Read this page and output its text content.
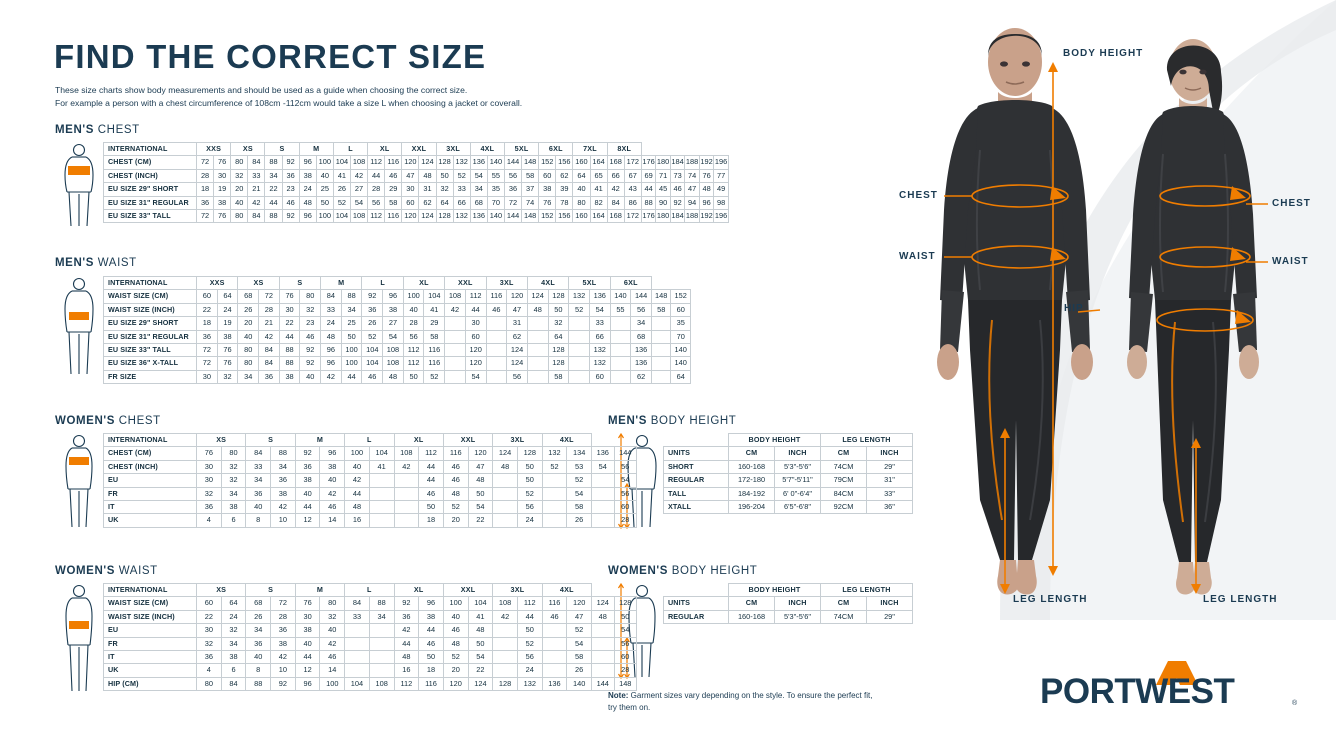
FIND THE CORRECT SIZE
These size charts show body measurements and should be used as a guide when choosing the correct size.
For example a person with a chest circumference of 108cm -112cm would take a size L when choosing a jacket or coverall.
MEN'S CHEST
MEN'S WAIST
WOMEN'S CHEST
WOMEN'S WAIST
MEN'S BODY HEIGHT
WOMEN'S BODY HEIGHT
INTERNATIONAL	XXS		XS		S		M		L		XL		XXL		3XL		4XL		5XL		6XL		7XL		8XL							
CHEST (CM)	72	76	80	84	88	92	96	100	104	108	112	116	120	124	128	132	136	140	144	148	152	156	160	164	168	172	176	180	184	188	192	196
CHEST (INCH)	28	30	32	33	34	36	38	40	41	42	44	46	47	48	50	52	54	55	56	58	60	62	64	65	66	67	69	71	73	74	76	77
EU SIZE 29" SHORT	18	19	20	21	22	23	24	25	26	27	28	29	30	31	32	33	34	35	36	37	38	39	40	41	42	43	44	45	46	47	48	49
EU SIZE 31" REGULAR	36	38	40	42	44	46	48	50	52	54	56	58	60	62	64	66	68	70	72	74	76	78	80	82	84	86	88	90	92	94	96	98
EU SIZE 33" TALL	72	76	80	84	88	92	96	100	104	108	112	116	120	124	128	132	136	140	144	148	152	156	160	164	168	172	176	180	184	188	192	196
INTERNATIONAL	XXS		XS		S		M		L		XL		XXL		3XL		4XL		5XL		6XL			
WAIST SIZE (CM)	60	64	68	72	76	80	84	88	92	96	100	104	108	112	116	120	124	128	132	136	140	144	148	152
WAIST SIZE (INCH)	22	24	26	28	30	32	33	34	36	38	40	41	42	44	46	47	48	50	52	54	55	56	58	60
EU SIZE 29" SHORT	18	19	20	21	22	23	24	25	26	27	28	29		30		31		32		33		34		35
EU SIZE 31" REGULAR	36	38	40	42	44	46	48	50	52	54	56	58		60		62		64		66		68		70
EU SIZE 33" TALL	72	76	80	84	88	92	96	100	104	108	112	116		120		124		128		132		136		140
EU SIZE 36" X-TALL	72	76	80	84	88	92	96	100	104	108	112	116		120		124		128		132		136		140
FR SIZE	30	32	34	36	38	40	42	44	46	48	50	52		54		56		58		60		62		64
INTERNATIONAL	XS		S		M		L		XL		XXL		3XL		4XL			
CHEST (CM)	76	80	84	88	92	96	100	104	108	112	116	120	124	128	132	134	136	144
CHEST (INCH)	30	32	33	34	36	38	40	41	42	44	46	47	48	50	52	53	54	56
EU	30	32	34	36	38	40	42			44	46	48		50		52		54
FR	32	34	36	38	40	42	44			46	48	50		52		54		56
IT	36	38	40	42	44	46	48			50	52	54		56		58		60
UK	4	6	8	10	12	14	16			18	20	22		24		26		28
INTERNATIONAL	XS		S		M		L		XL		XXL		3XL		4XL			
WAIST SIZE (CM)	60	64	68	72	76	80	84	88	92	96	100	104	108	112	116	120	124	128
WAIST SIZE (INCH)	22	24	26	28	30	32	33	34	36	38	40	41	42	44	46	47	48	50
EU	30	32	34	36	38	40			42	44	46	48		50		52		54
FR	32	34	36	38	40	42			44	46	48	50		52		54		56
IT	36	38	40	42	44	46			48	50	52	54		56		58		60
UK	4	6	8	10	12	14			16	18	20	22		24		26		28
HIP (CM)	80	84	88	92	96	100	104	108	112	116	120	124	128	132	136	140	144	148
	BODY HEIGHT		LEG LENGTH	
UNITS	CM	INCH	CM	INCH
SHORT	160-168	5'3"-5'6"	74CM	29"
REGULAR	172-180	5'7"-5'11"	79CM	31"
TALL	184-192	6' 0"-6'4"	84CM	33"
XTALL	196-204	6'5"-6'8"	92CM	36"
	BODY HEIGHT		LEG LENGTH	
UNITS	CM	INCH	CM	INCH
REGULAR	160-168	5'3"-5'6"	74CM	29"
Note: Garment sizes vary depending on the style. To ensure the perfect fit, try them on.
BODY HEIGHT
CHEST
WAIST
HIP
CHEST
WAIST
LEG LENGTH	LEG LENGTH
PORTWEST	®
